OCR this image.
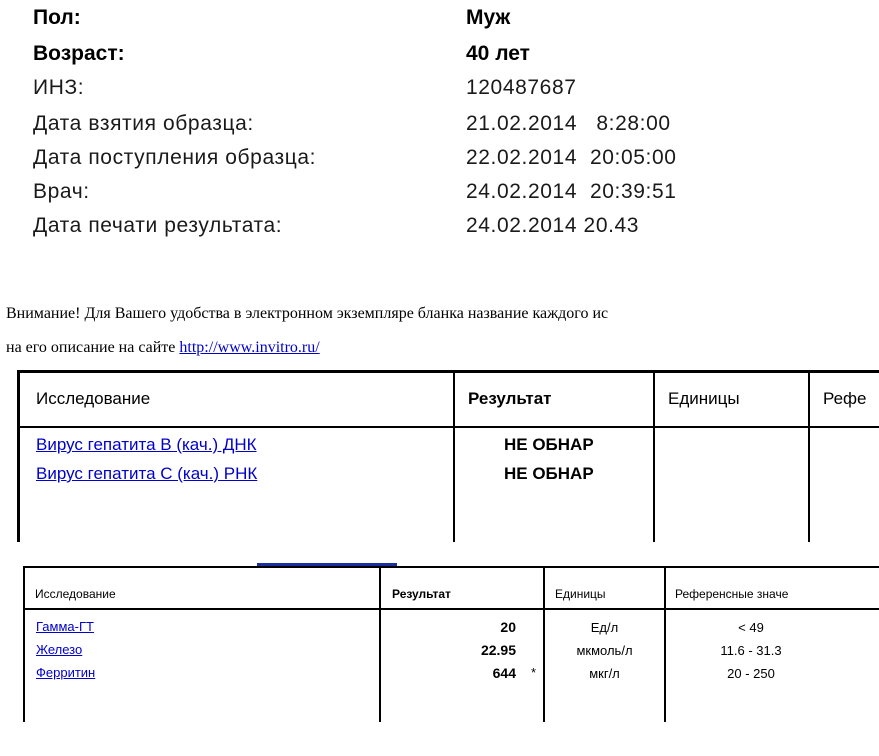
Пол:	Муж
Возраст:	40 лет
ИНЗ:	120487687
Дата взятия образца:	21.02.2014   8:28:00
Дата поступления образца:	22.02.2014  20:05:00
Врач:	24.02.2014  20:39:51
Дата печати результата:	24.02.2014 20.43
Внимание! Для Вашего удобства в электронном экземпляре бланка название каждого ис
на его описание на сайте http://www.invitro.ru/
Исследование	Результат	Единицы	Рефе
Вирус гепатита В (кач.) ДНК	НЕ ОБНАР
Вирус гепатита С (кач.) РНК	НЕ ОБНАР
Исследование	Результат	Единицы	Референсные значе
Гамма-ГТ	20	Ед/л	< 49
Железо	22.95	мкмоль/л	11.6 - 31.3
Ферритин	644 *	мкг/л	20 - 250
